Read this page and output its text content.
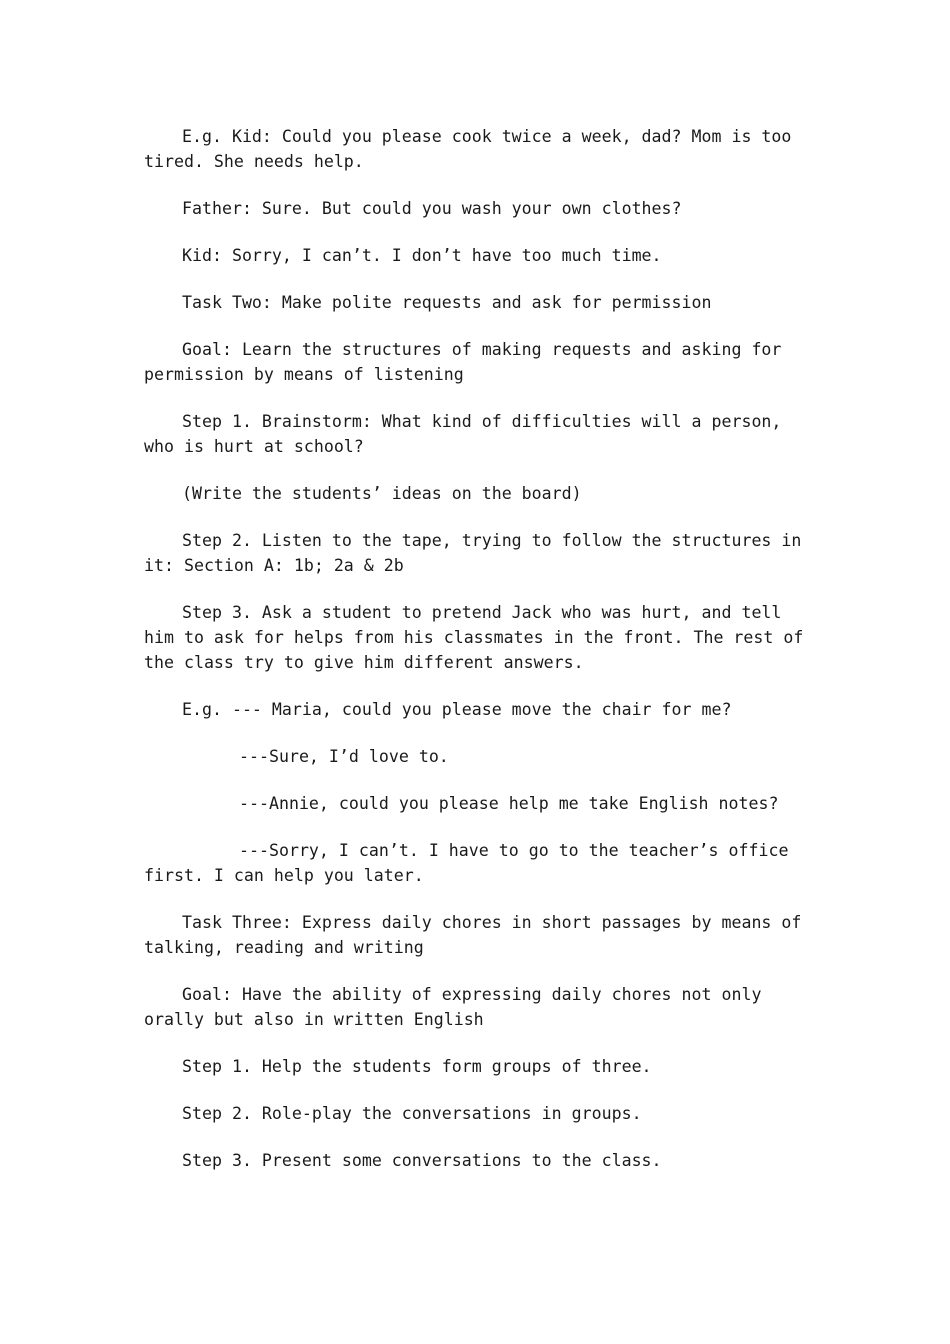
E.g. Kid: Could you please cook twice a week, dad? Mom is too tired. She needs help.

Father: Sure. But could you wash your own clothes?

Kid: Sorry, I can’t. I don’t have too much time.

Task Two: Make polite requests and ask for permission

Goal: Learn the structures of making requests and asking for permission by means of listening

Step 1. Brainstorm: What kind of difficulties will a person, who is hurt at school?

(Write the students’ ideas on the board)

Step 2. Listen to the tape, trying to follow the structures in it: Section A: 1b; 2a & 2b

Step 3. Ask a student to pretend Jack who was hurt, and tell him to ask for helps from his classmates in the front. The rest of the class try to give him different answers.

E.g. --- Maria, could you please move the chair for me?

---Sure, I’d love to.

---Annie, could you please help me take English notes?

---Sorry, I can’t. I have to go to the teacher’s office first. I can help you later.

Task Three: Express daily chores in short passages by means of talking, reading and writing

Goal: Have the ability of expressing daily chores not only orally but also in written English

Step 1. Help the students form groups of three.

Step 2. Role-play the conversations in groups.

Step 3. Present some conversations to the class.
